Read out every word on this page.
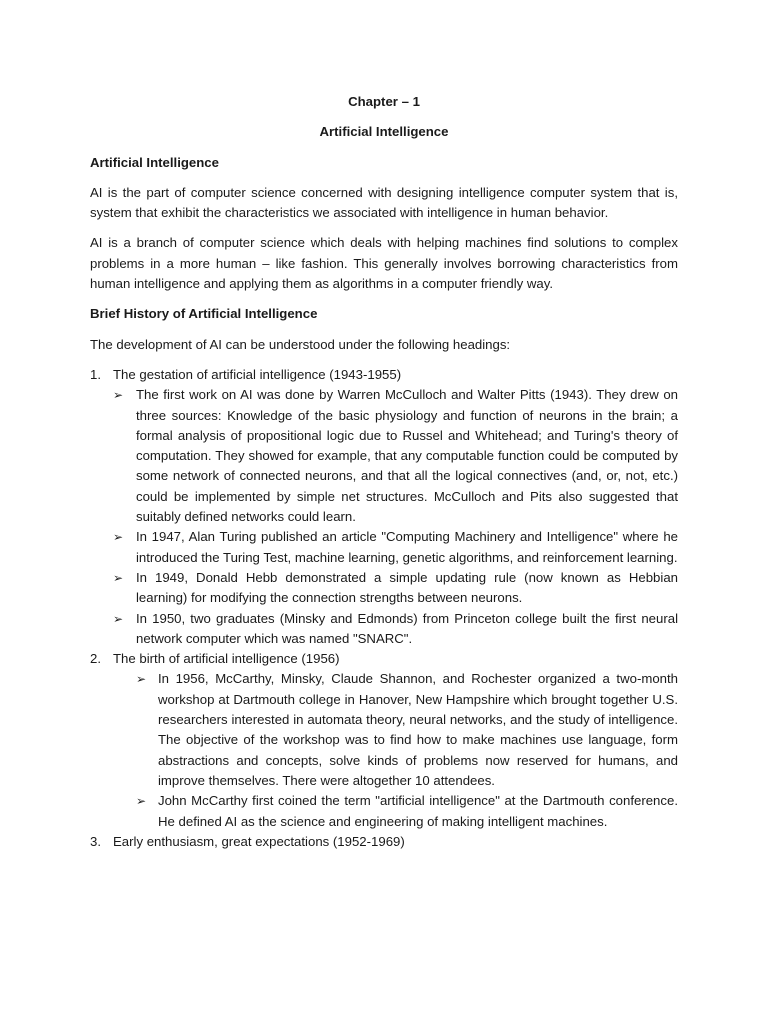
Chapter – 1
Artificial Intelligence
Artificial Intelligence
AI is the part of computer science concerned with designing intelligence computer system that is, system that exhibit the characteristics we associated with intelligence in human behavior.
AI is a branch of computer science which deals with helping machines find solutions to complex problems in a more human – like fashion. This generally involves borrowing characteristics from human intelligence and applying them as algorithms in a computer friendly way.
Brief History of Artificial Intelligence
The development of AI can be understood under the following headings:
1. The gestation of artificial intelligence (1943-1955)
➢ The first work on AI was done by Warren McCulloch and Walter Pitts (1943). They drew on three sources: Knowledge of the basic physiology and function of neurons in the brain; a formal analysis of propositional logic due to Russel and Whitehead; and Turing's theory of computation. They showed for example, that any computable function could be computed by some network of connected neurons, and that all the logical connectives (and, or, not, etc.) could be implemented by simple net structures. McCulloch and Pits also suggested that suitably defined networks could learn.
➢ In 1947, Alan Turing published an article "Computing Machinery and Intelligence" where he introduced the Turing Test, machine learning, genetic algorithms, and reinforcement learning.
➢ In 1949, Donald Hebb demonstrated a simple updating rule (now known as Hebbian learning) for modifying the connection strengths between neurons.
➢ In 1950, two graduates (Minsky and Edmonds) from Princeton college built the first neural network computer which was named "SNARC".
2. The birth of artificial intelligence (1956)
➢ In 1956, McCarthy, Minsky, Claude Shannon, and Rochester organized a two-month workshop at Dartmouth college in Hanover, New Hampshire which brought together U.S. researchers interested in automata theory, neural networks, and the study of intelligence. The objective of the workshop was to find how to make machines use language, form abstractions and concepts, solve kinds of problems now reserved for humans, and improve themselves. There were altogether 10 attendees.
➢ John McCarthy first coined the term "artificial intelligence" at the Dartmouth conference. He defined AI as the science and engineering of making intelligent machines.
3. Early enthusiasm, great expectations (1952-1969)
